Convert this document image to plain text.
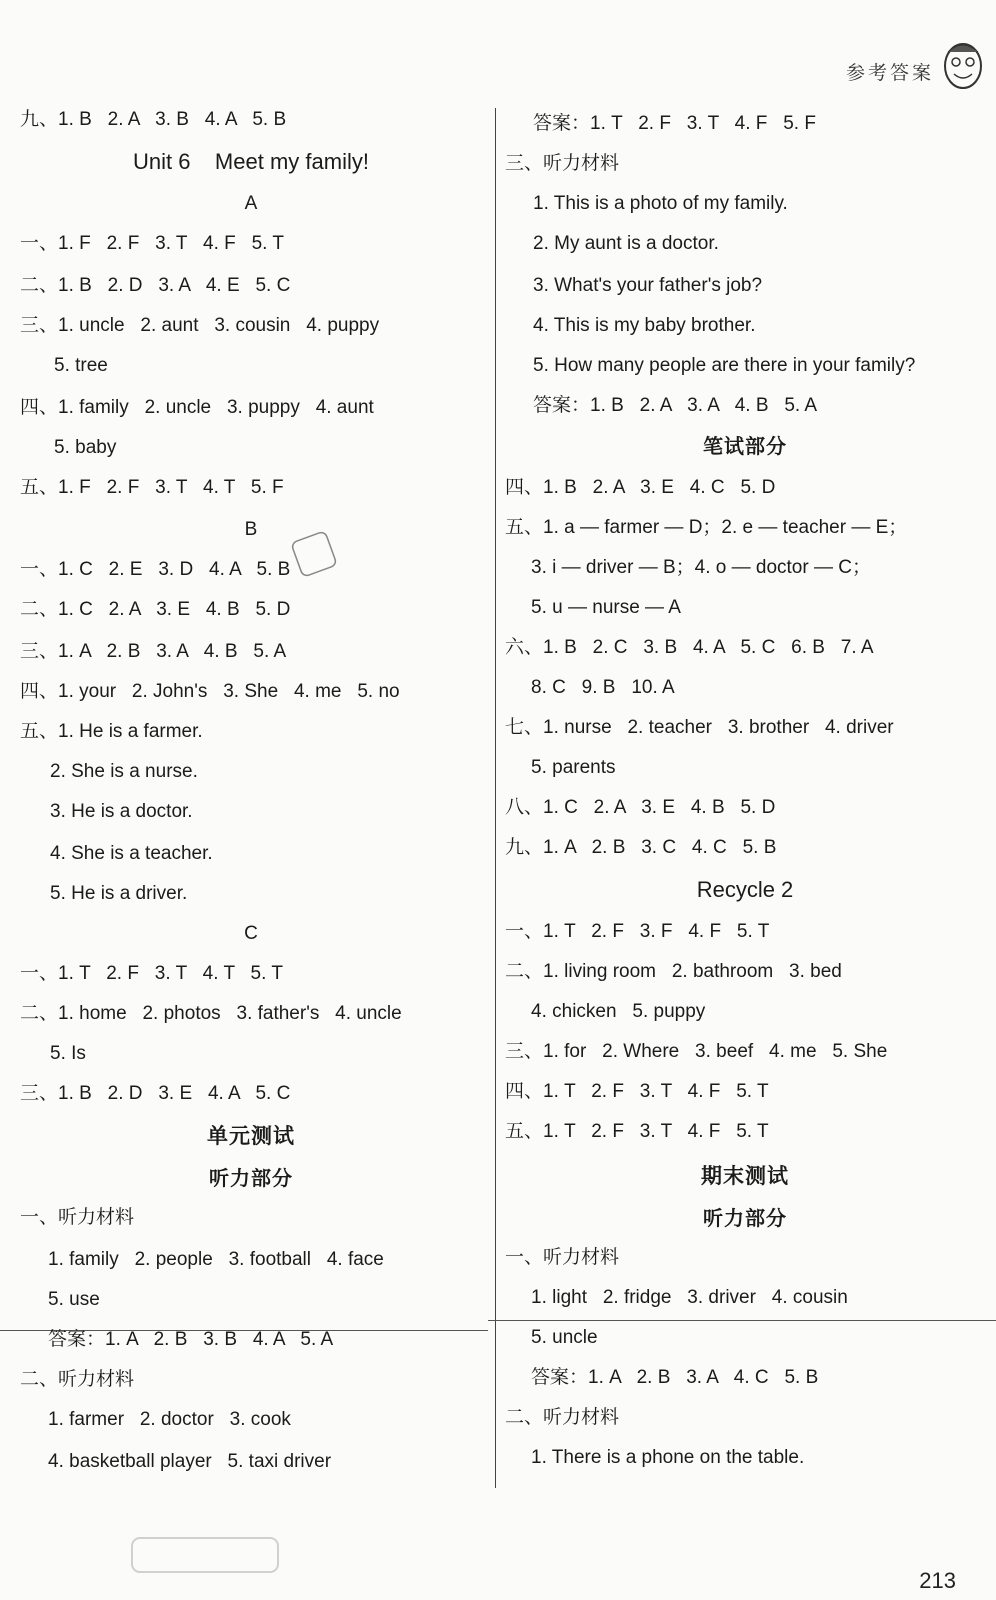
参考答案
九、1. B   2. A   3. B   4. A   5. B
Unit 6    Meet my family!
A
一、1. F   2. F   3. T   4. F   5. T
二、1. B   2. D   3. A   4. E   5. C
三、1. uncle   2. aunt   3. cousin   4. puppy
5. tree
四、1. family   2. uncle   3. puppy   4. aunt
5. baby
五、1. F   2. F   3. T   4. T   5. F
B
一、1. C   2. E   3. D   4. A   5. B
二、1. C   2. A   3. E   4. B   5. D
三、1. A   2. B   3. A   4. B   5. A
四、1. your   2. John's   3. She   4. me   5. no
五、1. He is a farmer.
2. She is a nurse.
3. He is a doctor.
4. She is a teacher.
5. He is a driver.
C
一、1. T   2. F   3. T   4. T   5. T
二、1. home   2. photos   3. father's   4. uncle
5. Is
三、1. B   2. D   3. E   4. A   5. C
单元测试
听力部分
一、听力材料
1. family   2. people   3. football   4. face
5. use
答案：1. A   2. B   3. B   4. A   5. A
二、听力材料
1. farmer   2. doctor   3. cook
4. basketball player   5. taxi driver
答案：1. T   2. F   3. T   4. F   5. F
三、听力材料
1. This is a photo of my family.
2. My aunt is a doctor.
3. What's your father's job?
4. This is my baby brother.
5. How many people are there in your family?
答案：1. B   2. A   3. A   4. B   5. A
笔试部分
四、1. B   2. A   3. E   4. C   5. D
五、1. a — farmer — D；2. e — teacher — E；
3. i — driver — B；4. o — doctor — C；
5. u — nurse — A
六、1. B   2. C   3. B   4. A   5. C   6. B   7. A
8. C   9. B   10. A
七、1. nurse   2. teacher   3. brother   4. driver
5. parents
八、1. C   2. A   3. E   4. B   5. D
九、1. A   2. B   3. C   4. C   5. B
Recycle 2
一、1. T   2. F   3. F   4. F   5. T
二、1. living room   2. bathroom   3. bed
4. chicken   5. puppy
三、1. for   2. Where   3. beef   4. me   5. She
四、1. T   2. F   3. T   4. F   5. T
五、1. T   2. F   3. T   4. F   5. T
期末测试
听力部分
一、听力材料
1. light   2. fridge   3. driver   4. cousin
5. uncle
答案：1. A   2. B   3. A   4. C   5. B
二、听力材料
1. There is a phone on the table.
213
